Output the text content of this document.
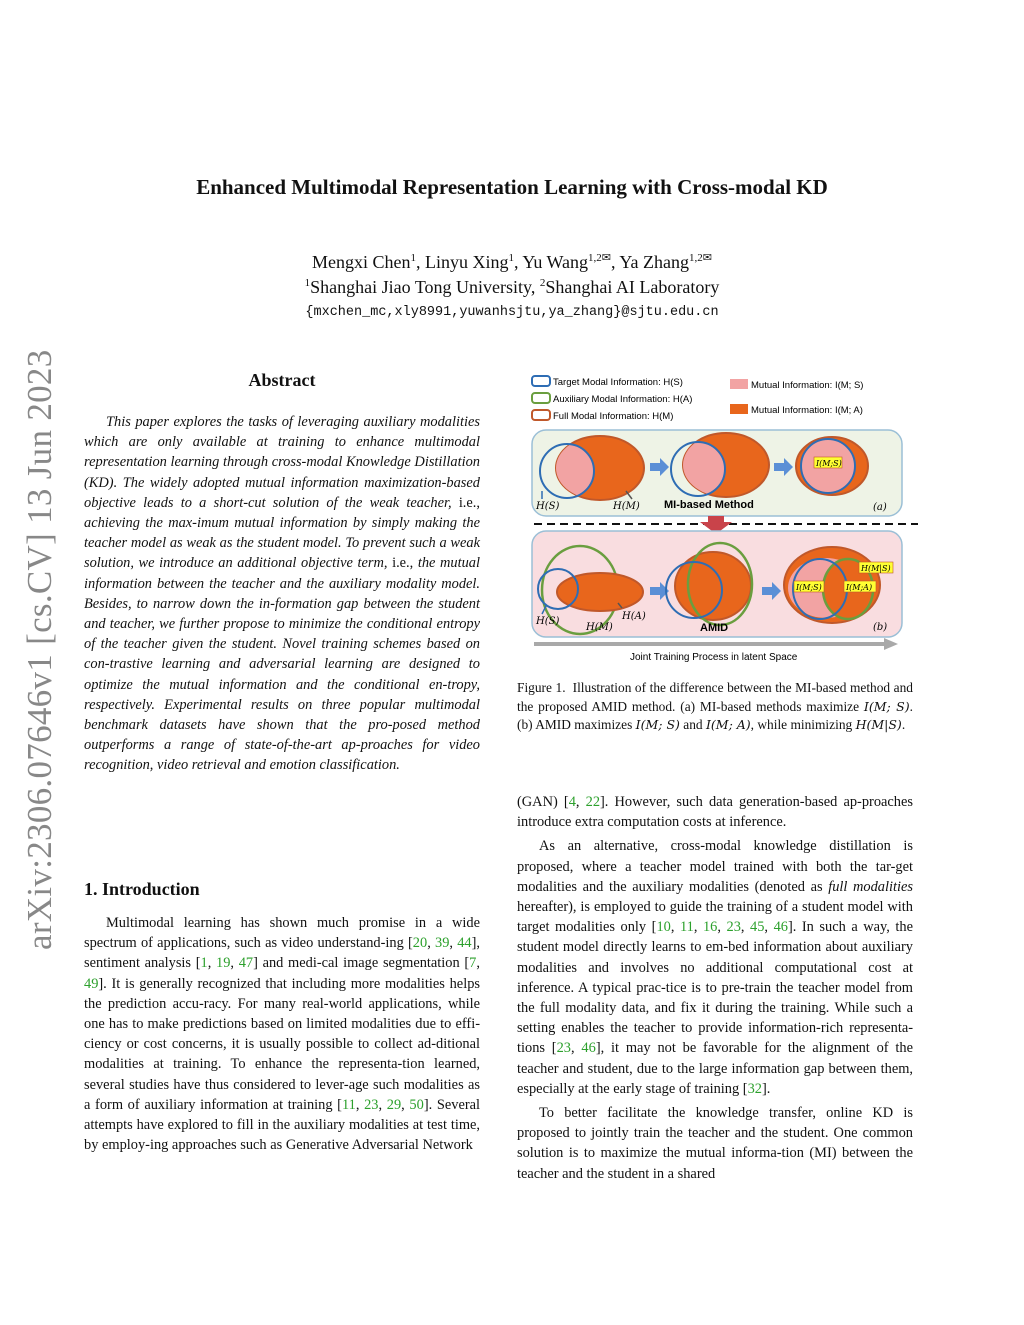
Enhanced Multimodal Representation Learning with Cross-modal KD
Mengxi Chen$^1$, Linyu Xing$^1$, Yu Wang$^{1,2✉}$, Ya Zhang$^{1,2✉}$
$^1$Shanghai Jiao Tong University, $^2$Shanghai AI Laboratory
{mxchen_mc,xly8991,yuwanhsjtu,ya_zhang}@sjtu.edu.cn
arXiv:2306.07646v1 [cs.CV] 13 Jun 2023	Abstract

This paper explores the tasks of leveraging auxiliary modalities which are only available at training to enhance multimodal representation learning through cross-modal Knowledge Distillation (KD). The widely adopted mutual information maximization-based objective leads to a short-cut solution of the weak teacher, i.e., achieving the max-imum mutual information by simply making the teacher model as weak as the student model. To prevent such a weak solution, we introduce an additional objective term, i.e., the mutual information between the teacher and the auxiliary modality model. Besides, to narrow down the in-formation gap between the student and teacher, we further propose to minimize the conditional entropy of the teacher given the student. Novel training schemes based on con-trastive learning and adversarial learning are designed to optimize the mutual information and the conditional en-tropy, respectively. Experimental results on three popular multimodal benchmark datasets have shown that the pro-posed method outperforms a range of state-of-the-art ap-proaches for video recognition, video retrieval and emotion classification.

1. Introduction

Multimodal learning has shown much promise in a wide spectrum of applications, such as video understand-ing [20, 39, 44], sentiment analysis [1, 19, 47] and medi-cal image segmentation [7, 49]. It is generally recognized that including more modalities helps the prediction accu-racy. For many real-world applications, while one has to make predictions based on limited modalities due to effi-ciency or cost concerns, it is usually possible to collect ad-ditional modalities at training. To enhance the representa-tion learned, several studies have thus considered to lever-age such modalities as a form of auxiliary information at training [11, 23, 29, 50]. Several attempts have explored to fill in the auxiliary modalities at test time, by employ-ing approaches such as Generative Adversarial Network

Target Modal Information: H(S)
Auxiliary Modal Information: H(A)
Full Modal Information: H(M)
Mutual Information: I(M; S)
Mutual Information: I(M; A)
I(M;S)
H(S)	H(M)	(a)
MI-based Method
H(M|S)
I(M;S)	I(M;A)
H(S)
H(M)
H(A)
(b)
AMID
Joint Training Process in latent Space
Figure 1. Illustration of the difference between the MI-based method and the proposed AMID method. (a) MI-based methods maximize I(M; S). (b) AMID maximizes I(M; S) and I(M; A), while minimizing H(M|S).

(GAN) [4, 22]. However, such data generation-based ap-proaches introduce extra computation costs at inference.

As an alternative, cross-modal knowledge distillation is proposed, where a teacher model trained with both the tar-get modalities and the auxiliary modalities (denoted as full modalities hereafter), is employed to guide the training of a student model with target modalities only [10, 11, 16, 23, 45, 46]. In such a way, the student model directly learns to em-bed information about auxiliary modalities and involves no additional computational cost at inference. A typical prac-tice is to pre-train the teacher model from the full modality data, and fix it during the training. While such a setting enables the teacher to provide information-rich representa-tions [23, 46], it may not be favorable for the alignment of the teacher and student, due to the large information gap between them, especially at the early stage of training [32].

To better facilitate the knowledge transfer, online KD is proposed to jointly train the teacher and the student. One common solution is to maximize the mutual informa-tion (MI) between the teacher and the student in a shared
